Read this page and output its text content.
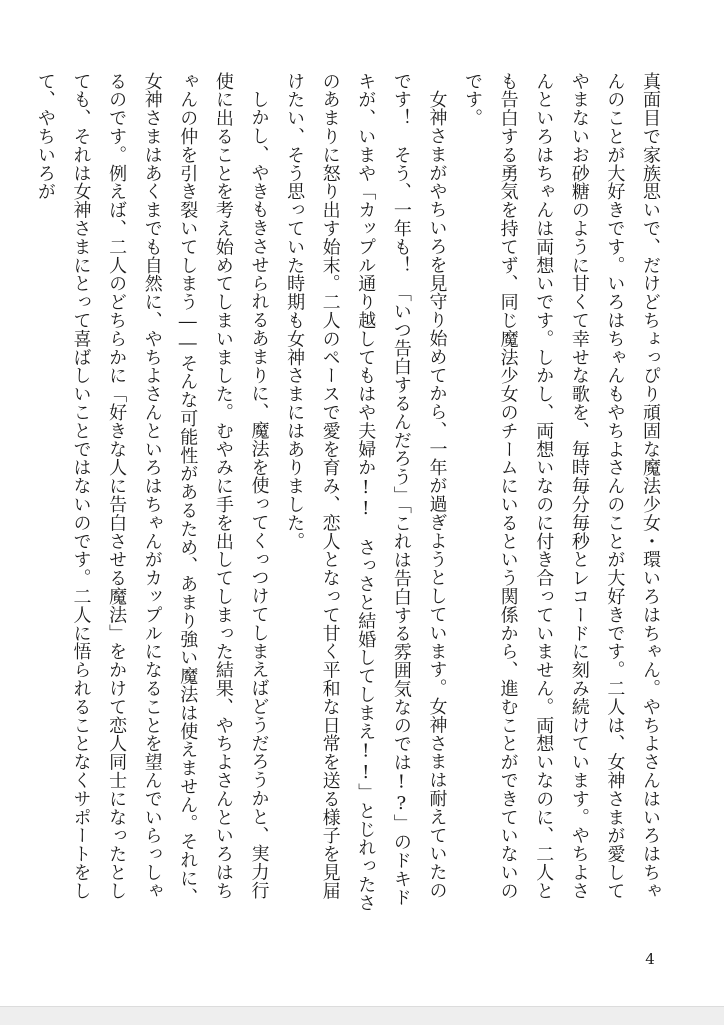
真面目で家族思いで、だけどちょっぴり頑固な魔法少女・環いろはちゃん。やちよさんはいろはちゃんのことが大好きです。いろはちゃんもやちよさんのことが大好きです。二人は、女神さまが愛してやまないお砂糖のように甘くて幸せな歌を、毎時毎分毎秒とレコードに刻み続けています。やちよさんといろはちゃんは両想いです。しかし、両想いなのに付き合っていません。両想いなのに、二人とも告白する勇気を持てず、同じ魔法少女のチームにいるという関係から、進むことができていないのです。

女神さまがやちいろを見守り始めてから、一年が過ぎようとしています。女神さまは耐えていたのです！　そう、一年も！　「いつ告白するんだろう」「これは告白する雰囲気なのでは!?」のドキドキが、いまや「カップル通り越してもはや夫婦か!!　さっさと結婚してしまえ!!」とじれったさのあまりに怒り出す始末。二人のペースで愛を育み、恋人となって甘く平和な日常を送る様子を見届けたい、そう思っていた時期も女神さまにはありました。

しかし、やきもきさせられるあまりに、魔法を使ってくっつけてしまえばどうだろうかと、実力行使に出ることを考え始めてしまいました。むやみに手を出してしまった結果、やちよさんといろはちゃんの仲を引き裂いてしまう――そんな可能性があるため、あまり強い魔法は使えません。それに、女神さまはあくまでも自然に、やちよさんといろはちゃんがカップルになることを望んでいらっしゃるのです。例えば、二人のどちらかに「好きな人に告白させる魔法」をかけて恋人同士になったとしても、それは女神さまにとって喜ばしいことではないのです。二人に悟られることなくサポートをして、やちいろが

4
